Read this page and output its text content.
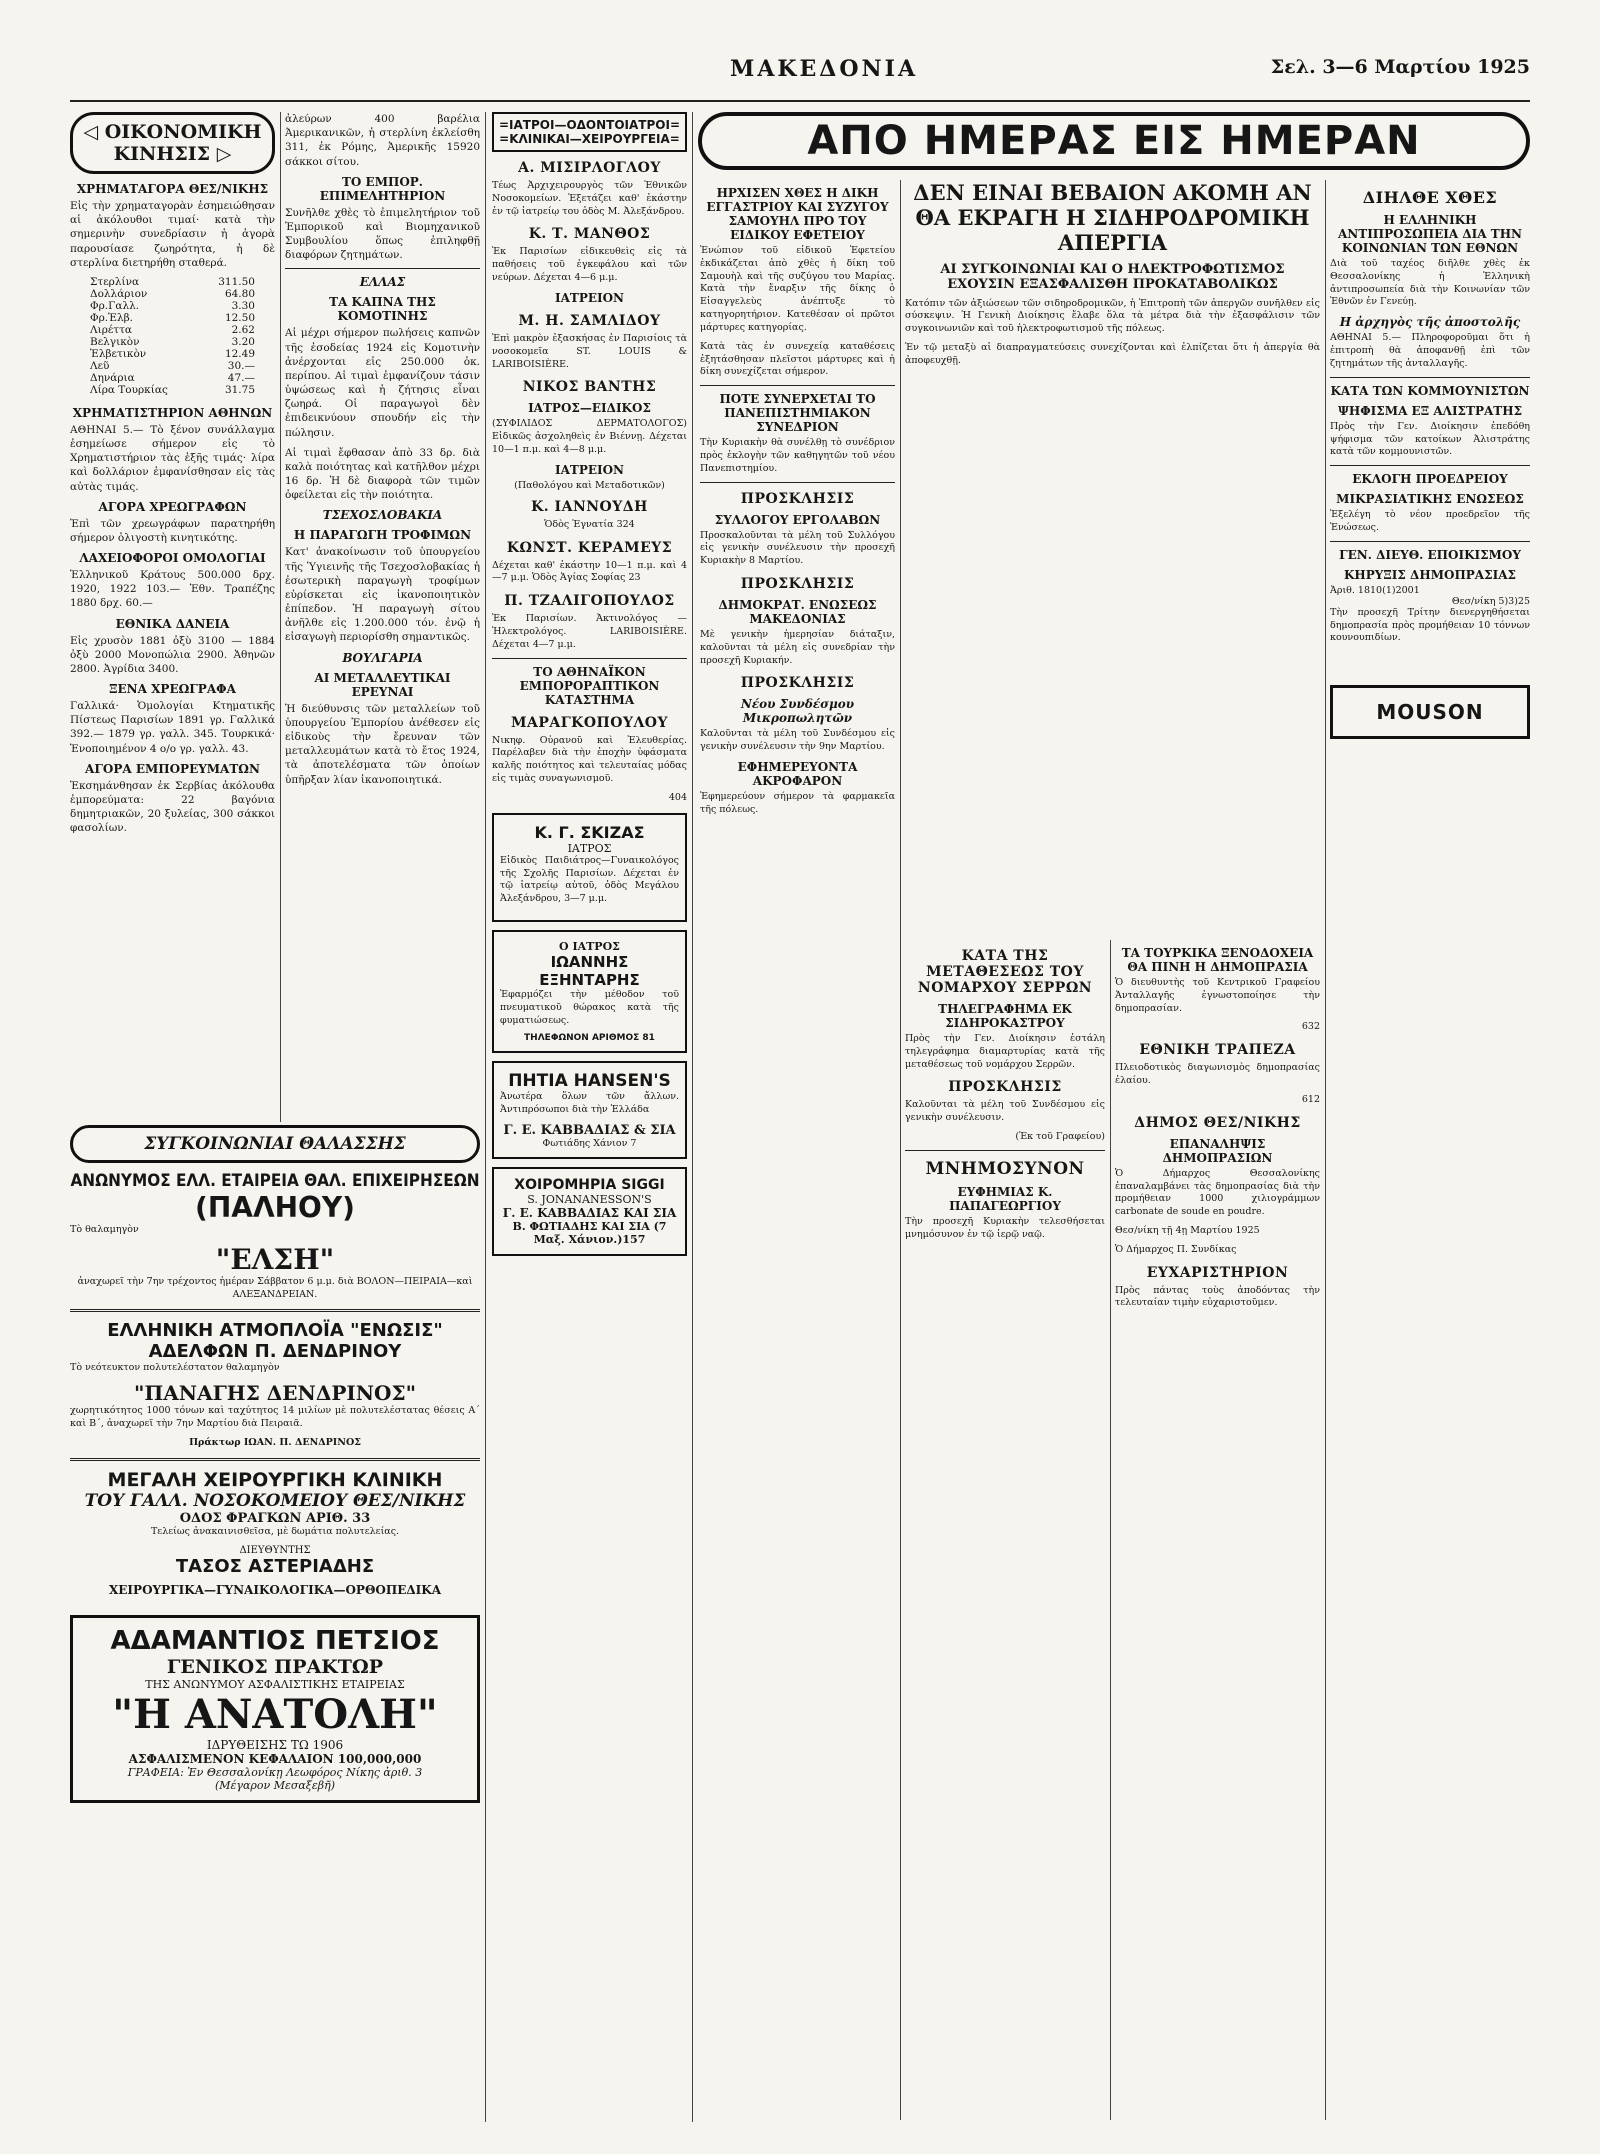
ΜΑΚΕΔΟΝΙΑ	Σελ. 3—6 Μαρτίου 1925
◁ ΟΙΚΟΝΟΜΙΚΗ ΚΙΝΗΣΙΣ ▷
ΧΡΗΜΑΤΑΓΟΡΑ ΘΕΣ/ΝΙΚΗΣ

Εἰς τὴν χρηματαγορὰν ἐσημειώθησαν αἱ ἀκόλουθοι τιμαί· κατὰ τὴν σημερινὴν συνεδρίασιν ἡ ἀγορὰ παρουσίασε ζωηρότητα, ἡ δὲ στερλίνα διετηρήθη σταθερά.

Στερλίνα	311.50
Δολλάριον	64.80
Φρ.Γαλλ.	3.30
Φρ.Ἑλβ.	12.50
Λιρέττα	2.62
Βελγικὸν	3.20
Ἑλβετικὸν	12.49
Λεῦ	30.—
Δηνάρια	47.—
Λίρα Τουρκίας	31.75
ΧΡΗΜΑΤΙΣΤΗΡΙΟΝ ΑΘΗΝΩΝ

ΑΘΗΝΑΙ 5.— Τὸ ξένον συνάλλαγμα ἐσημείωσε σήμερον εἰς τὸ Χρηματιστήριον τὰς ἑξῆς τιμάς· λίρα καὶ δολλάριον ἐμφανίσθησαν εἰς τὰς αὐτὰς τιμάς.

ΑΓΟΡΑ ΧΡΕΩΓΡΑΦΩΝ

Ἐπὶ τῶν χρεωγράφων παρατηρήθη σήμερον ὁλιγοστὴ κινητικότης.

ΛΑΧΕΙΟΦΟΡΟΙ ΟΜΟΛΟΓΙΑΙ

Ἑλληνικοῦ Κράτους 500.000 δρχ. 1920, 1922 103.— Ἐθν. Τραπέζης 1880 δρχ. 60.—

ΕΘΝΙΚΑ ΔΑΝΕΙΑ

Εἰς χρυσὸν 1881 ὀξὺ 3100 — 1884 ὀξὺ 2000 Μονοπώλια 2900. Ἀθηνῶν 2800. Ἀγρίδια 3400.

ΞΕΝΑ ΧΡΕΩΓΡΑΦΑ

Γαλλικά· Ὁμολογίαι Κτηματικῆς Πίστεως Παρισίων 1891 γρ. Γαλλικά 392.— 1879 γρ. γαλλ. 345. Τουρκικά· Ἑνοποιημένον 4 ο/ο γρ. γαλλ. 43.

ΑΓΟΡΑ ΕΜΠΟΡΕΥΜΑΤΩΝ

Ἐκσημάνθησαν ἐκ Σερβίας ἀκόλουθα ἐμπορεύματα: 22 βαγόνια δημητριακῶν, 20 ξυλείας, 300 σάκκοι φασολίων.

ἀλεύρων 400 βαρέλια Ἀμερικανικῶν, ἡ στερλίνη ἐκλείσθη 311, ἐκ Ρόμης, Ἀμερικῆς 15920 σάκκοι σίτου.

ΤΟ ΕΜΠΟΡ. ΕΠΙΜΕΛΗΤΗΡΙΟΝ

Συνῆλθε χθὲς τὸ ἐπιμελητήριον τοῦ Ἐμπορικοῦ καὶ Βιομηχανικοῦ Συμβουλίου ὅπως ἐπιληφθῇ διαφόρων ζητημάτων.

ΕΛΛΑΣ
ΤΑ ΚΑΠΝΑ ΤΗΣ ΚΟΜΟΤΙΝΗΣ

Αἱ μέχρι σήμερον πωλήσεις καπνῶν τῆς ἐσοδείας 1924 εἰς Κομοτινὴν ἀνέρχονται εἰς 250.000 ὀκ. περίπου. Αἱ τιμαὶ ἐμφανίζουν τάσιν ὑψώσεως καὶ ἡ ζήτησις εἶναι ζωηρά. Οἱ παραγωγοὶ δὲν ἐπιδεικνύουν σπουδήν εἰς τὴν πώλησιν.

Αἱ τιμαὶ ἔφθασαν ἀπὸ 33 δρ. διὰ καλὰ ποιότητας καὶ κατῆλθον μέχρι 16 δρ. Ἡ δὲ διαφορὰ τῶν τιμῶν ὀφείλεται εἰς τὴν ποιότητα.

ΤΣΕΧΟΣΛΟΒΑΚΙΑ
Η ΠΑΡΑΓΩΓΗ ΤΡΟΦΙΜΩΝ

Κατ' ἀνακοίνωσιν τοῦ ὑπουργείου τῆς Ὑγιεινῆς τῆς Τσεχοσλοβακίας ἡ ἐσωτερικὴ παραγωγὴ τροφίμων εὑρίσκεται εἰς ἱκανοποιητικὸν ἐπίπεδον. Ἡ παραγωγὴ σίτου ἀνῆλθε εἰς 1.200.000 τόν. ἐνῷ ἡ εἰσαγωγὴ περιορίσθη σημαντικῶς.

ΒΟΥΛΓΑΡΙΑ
ΑΙ ΜΕΤΑΛΛΕΥΤΙΚΑΙ ΕΡΕΥΝΑΙ

Ἡ διεύθυνσις τῶν μεταλλείων τοῦ ὑπουργείου Ἐμπορίου ἀνέθεσεν εἰς εἰδικοὺς τὴν ἔρευναν τῶν μεταλλευμάτων κατὰ τὸ ἔτος 1924, τὰ ἀποτελέσματα τῶν ὁποίων ὑπῆρξαν λίαν ἱκανοποιητικά.

ΣΥΓΚΟΙΝΩΝΙΑΙ ΘΑΛΑΣΣΗΣ
ΑΝΩΝΥΜΟΣ ΕΛΛ. ΕΤΑΙΡΕΙΑ ΘΑΛ. ΕΠΙΧΕΙΡΗΣΕΩΝ
(ΠΑΛΗΟΥ)

Τὸ θαλαμηγὸν

"ΕΛΣΗ"

ἀναχωρεῖ τὴν 7ην τρέχοντος ἡμέραν Σάββατον 6 μ.μ. διὰ ΒΟΛΟΝ—ΠΕΙΡΑΙΑ—καὶ ΑΛΕΞΑΝΔΡΕΙΑΝ.

ΕΛΛΗΝΙΚΗ ΑΤΜΟΠΛΟΪΑ "ΕΝΩΣΙΣ"
ΑΔΕΛΦΩΝ Π. ΔΕΝΔΡΙΝΟΥ

Τὸ νεότευκτον πολυτελέστατον θαλαμηγὸν

"ΠΑΝΑΓΗΣ ΔΕΝΔΡΙΝΟΣ"

χωρητικότητος 1000 τόνων καὶ ταχύτητος 14 μιλίων μὲ πολυτελέστατας θέσεις Α΄ καὶ Β΄, ἀναχωρεῖ τὴν 7ην Μαρτίου διὰ Πειραιᾶ.

Πράκτωρ ΙΩΑΝ. Π. ΔΕΝΔΡΙΝΟΣ

ΜΕΓΑΛΗ ΧΕΙΡΟΥΡΓΙΚΗ ΚΛΙΝΙΚΗ
ΤΟΥ ΓΑΛΛ. ΝΟΣΟΚΟΜΕΙΟΥ ΘΕΣ/ΝΙΚΗΣ
ΟΔΟΣ ΦΡΑΓΚΩΝ ΑΡΙΘ. 33

Τελείως ἀνακαινισθεῖσα, μὲ δωμάτια πολυτελείας.

ΔΙΕΥΘΥΝΤΗΣ
ΤΑΣΟΣ ΑΣΤΕΡΙΑΔΗΣ
ΧΕΙΡΟΥΡΓΙΚΑ—ΓΥΝΑΙΚΟΛΟΓΙΚΑ—ΟΡΘΟΠΕΔΙΚΑ
ΑΔΑΜΑΝΤΙΟΣ ΠΕΤΣΙΟΣ
ΓΕΝΙΚΟΣ ΠΡΑΚΤΩΡ
ΤΗΣ ΑΝΩΝΥΜΟΥ ΑΣΦΑΛΙΣΤΙΚΗΣ ΕΤΑΙΡΕΙΑΣ
"Η ΑΝΑΤΟΛΗ"
ΙΔΡΥΘΕΙΣΗΣ ΤΩ 1906
ΑΣΦΑΛΙΣΜΕΝΟΝ ΚΕΦΑΛΑΙΟΝ 100,000,000
ΓΡΑΦΕΙΑ: Ἐν Θεσσαλονίκῃ Λεωφόρος Νίκης ἀριθ. 3
(Μέγαρον Μεσαξεβῆ)
=ΙΑΤΡΟΙ—ΟΔΟΝΤΟΙΑΤΡΟΙ= =ΚΛΙΝΙΚΑΙ—ΧΕΙΡΟΥΡΓΕΙΑ=
Α. ΜΙΣΙΡΛΟΓΛΟΥ

Τέως Ἀρχιχειρουργὸς τῶν Ἐθνικῶν Νοσοκομείων. Ἐξετάζει καθ' ἑκάστην ἐν τῷ ἰατρείῳ του ὁδὸς Μ. Ἀλεξάνδρου.

Κ. Τ. ΜΑΝΘΟΣ

Ἐκ Παρισίων εἰδικευθεὶς εἰς τὰ παθήσεις τοῦ ἐγκεφάλου καὶ τῶν νεύρων. Δέχεται 4—6 μ.μ.

ΙΑΤΡΕΙΟΝ
Μ. Η. ΣΑΜΛΙΔΟΥ

Ἐπὶ μακρὸν ἐξασκήσας ἐν Παρισίοις τὰ νοσοκομεῖα ST. LOUIS & LARIBOISIÈRE.

ΝΙΚΟΣ ΒΑΝΤΗΣ
ΙΑΤΡΟΣ—ΕΙΔΙΚΟΣ

(ΣΥΦΙΛΙΔΟΣ ΔΕΡΜΑΤΟΛΟΓΟΣ) Εἰδικῶς ἀσχοληθεὶς ἐν Βιέννῃ. Δέχεται 10—1 π.μ. καὶ 4—8 μ.μ.

ΙΑΤΡΕΙΟΝ
(Παθολόγου καὶ Μεταδοτικῶν)
Κ. ΙΑΝΝΟΥΔΗ

Ὁδὸς Ἐγνατία 324

ΚΩΝΣΤ. ΚΕΡΑΜΕΥΣ

Δέχεται καθ' ἑκάστην 10—1 π.μ. καὶ 4—7 μ.μ. Ὁδὸς Ἁγίας Σοφίας 23

Π. ΤΖΑΛΙΓΟΠΟΥΛΟΣ

Ἐκ Παρισίων. Ἀκτινολόγος — Ἠλεκτρολόγος. LARIBOISIÈRE. Δέχεται 4—7 μ.μ.

ΤΟ ΑΘΗΝΑΪΚΟΝ ΕΜΠΟΡΟΡΑΠΤΙΚΟΝ ΚΑΤΑΣΤΗΜΑ
ΜΑΡΑΓΚΟΠΟΥΛΟΥ

Νικηφ. Οὐρανοῦ καὶ Ἐλευθερίας. Παρέλαβεν διὰ τὴν ἐποχὴν ὑφάσματα καλῆς ποιότητος καὶ τελευταίας μόδας εἰς τιμὰς συναγωνισμοῦ.

404

Κ. Γ. ΣΚΙΖΑΣ
ΙΑΤΡΟΣ

Εἰδικὸς Παιδιάτρος—Γυναικολόγος τῆς Σχολῆς Παρισίων. Δέχεται ἐν τῷ ἰατρείῳ αὐτοῦ, ὁδὸς Μεγάλου Ἀλεξάνδρου, 3—7 μ.μ.

Ο ΙΑΤΡΟΣ
ΙΩΑΝΝΗΣ ΕΞΗΝΤΑΡΗΣ

Ἐφαρμόζει τὴν μέθοδον τοῦ πνευματικοῦ θώρακος κατὰ τῆς φυματιώσεως.

ΤΗΛΕΦΩΝΟΝ ΑΡΙΘΜΟΣ 81
ΠΗΤΙΑ HANSEN'S

Ἀνωτέρα ὅλων τῶν ἄλλων. Ἀντιπρόσωποι διὰ τὴν Ἑλλάδα

Γ. Ε. ΚΑΒΒΑΔΙΑΣ & ΣΙΑ
Φωτιάδης Χάνιον 7
ΧΟΙΡΟΜΗΡΙΑ SIGGI
S. JONANANESSON'S
Γ. Ε. ΚΑΒΒΑΔΙΑΣ ΚΑΙ ΣΙΑ
Β. ΦΩΤΙΑΔΗΣ ΚΑΙ ΣΙΑ (7 Μαξ. Χάνιον.)157
ΑΠΟ ΗΜΕΡΑΣ ΕΙΣ ΗΜΕΡΑΝ
ΗΡΧΙΣΕΝ ΧΘΕΣ Η ΔΙΚΗ ΕΓΓΑΣΤΡΙΟΥ ΚΑΙ ΣΥΖΥΓΟΥ ΣΑΜΟΥΗΛ ΠΡΟ ΤΟΥ ΕΙΔΙΚΟΥ ΕΦΕΤΕΙΟΥ

Ἐνώπιον τοῦ εἰδικοῦ Ἐφετείου ἐκδικάζεται ἀπὸ χθὲς ἡ δίκη τοῦ Σαμουὴλ καὶ τῆς συζύγου του Μαρίας. Κατὰ τὴν ἔναρξιν τῆς δίκης ὁ Εἰσαγγελεὺς ἀνέπτυξε τὸ κατηγορητήριον. Κατεθέσαν οἱ πρῶτοι μάρτυρες κατηγορίας.

Κατὰ τὰς ἐν συνεχείᾳ καταθέσεις ἐξητάσθησαν πλεῖστοι μάρτυρες καὶ ἡ δίκη συνεχίζεται σήμερον.

ΠΟΤΕ ΣΥΝΕΡΧΕΤΑΙ ΤΟ ΠΑΝΕΠΙΣΤΗΜΙΑΚΟΝ ΣΥΝΕΔΡΙΟΝ

Τὴν Κυριακὴν θὰ συνέλθῃ τὸ συνέδριον πρὸς ἐκλογὴν τῶν καθηγητῶν τοῦ νέου Πανεπιστημίου.

ΠΡΟΣΚΛΗΣΙΣ
ΣΥΛΛΟΓΟΥ ΕΡΓΟΛΑΒΩΝ

Προσκαλοῦνται τὰ μέλη τοῦ Συλλόγου εἰς γενικὴν συνέλευσιν τὴν προσεχῆ Κυριακὴν 8 Μαρτίου.

ΠΡΟΣΚΛΗΣΙΣ
ΔΗΜΟΚΡΑΤ. ΕΝΩΣΕΩΣ ΜΑΚΕΔΟΝΙΑΣ

Μὲ γενικὴν ἡμερησίαν διάταξιν, καλοῦνται τὰ μέλη εἰς συνεδρίαν τὴν προσεχῆ Κυριακήν.

ΠΡΟΣΚΛΗΣΙΣ
Νέου Συνδέσμου Μικροπωλητῶν

Καλοῦνται τὰ μέλη τοῦ Συνδέσμου εἰς γενικὴν συνέλευσιν τὴν 9ην Μαρτίου.

ΕΦΗΜΕΡΕΥΟΝΤΑ ΑΚΡΟΦΑΡΟΝ

Ἐφημερεύουν σήμερον τὰ φαρμακεῖα τῆς πόλεως.

ΔΕΝ ΕΙΝΑΙ ΒΕΒΑΙΟΝ ΑΚΟΜΗ ΑΝ ΘΑ ΕΚΡΑΓΗ Η ΣΙΔΗΡΟΔΡΟΜΙΚΗ ΑΠΕΡΓΙΑ
ΑΙ ΣΥΓΚΟΙΝΩΝΙΑΙ ΚΑΙ Ο ΗΛΕΚΤΡΟΦΩΤΙΣΜΟΣ ΕΧΟΥΣΙΝ ΕΞΑΣΦΑΛΙΣΘΗ ΠΡΟΚΑΤΑΒΟΛΙΚΩΣ

Κατόπιν τῶν ἀξιώσεων τῶν σιδηροδρομικῶν, ἡ Ἐπιτροπὴ τῶν ἀπεργῶν συνῆλθεν εἰς σύσκεψιν. Ἡ Γενικὴ Διοίκησις ἔλαβε ὅλα τὰ μέτρα διὰ τὴν ἐξασφάλισιν τῶν συγκοινωνιῶν καὶ τοῦ ἠλεκτροφωτισμοῦ τῆς πόλεως.

Ἐν τῷ μεταξὺ αἱ διαπραγματεύσεις συνεχίζονται καὶ ἐλπίζεται ὅτι ἡ ἀπεργία θὰ ἀποφευχθῇ.

ΚΑΤΑ ΤΗΣ ΜΕΤΑΘΕΣΕΩΣ ΤΟΥ ΝΟΜΑΡΧΟΥ ΣΕΡΡΩΝ
ΤΗΛΕΓΡΑΦΗΜΑ ΕΚ ΣΙΔΗΡΟΚΑΣΤΡΟΥ

Πρὸς τὴν Γεν. Διοίκησιν ἐστάλη τηλεγράφημα διαμαρτυρίας κατὰ τῆς μεταθέσεως τοῦ νομάρχου Σερρῶν.

ΠΡΟΣΚΛΗΣΙΣ

Καλοῦνται τὰ μέλη τοῦ Συνδέσμου εἰς γενικὴν συνέλευσιν.

(Ἐκ τοῦ Γραφείου)

ΜΝΗΜΟΣΥΝΟΝ
ΕΥΦΗΜΙΑΣ Κ. ΠΑΠΑΓΕΩΡΓΙΟΥ

Τὴν προσεχῆ Κυριακὴν τελεσθήσεται μνημόσυνον ἐν τῷ ἱερῷ ναῷ.

ΤΑ ΤΟΥΡΚΙΚΑ ΞΕΝΟΔΟΧΕΙΑ ΘΑ ΠΙΝΗ Η ΔΗΜΟΠΡΑΣΙΑ

Ὁ διευθυντὴς τοῦ Κεντρικοῦ Γραφείου Ἀνταλλαγῆς ἐγνωστοποίησε τὴν δημοπρασίαν.

632

ΕΘΝΙΚΗ ΤΡΑΠΕΖΑ

Πλειοδοτικὸς διαγωνισμὸς δημοπρασίας ἐλαίου.

612

ΔΗΜΟΣ ΘΕΣ/ΝΙΚΗΣ
ΕΠΑΝΑΛΗΨΙΣ ΔΗΜΟΠΡΑΣΙΩΝ

Ὁ Δήμαρχος Θεσσαλονίκης ἐπαναλαμβάνει τὰς δημοπρασίας διὰ τὴν προμήθειαν 1000 χιλιογράμμων carbonate de soude en poudre.

Θεσ/νίκη τῇ 4ῃ Μαρτίου 1925

Ὁ Δήμαρχος Π. Συνδίκας

ΕΥΧΑΡΙΣΤΗΡΙΟΝ

Πρὸς πάντας τοὺς ἀποδόντας τὴν τελευταίαν τιμὴν εὐχαριστοῦμεν.

ΔΙΗΛΘΕ ΧΘΕΣ
Η ΕΛΛΗΝΙΚΗ ΑΝΤΙΠΡΟΣΩΠΕΙΑ ΔΙΑ ΤΗΝ ΚΟΙΝΩΝΙΑΝ ΤΩΝ ΕΘΝΩΝ

Διὰ τοῦ ταχέος διῆλθε χθὲς ἐκ Θεσσαλονίκης ἡ Ἑλληνικὴ ἀντιπροσωπεία διὰ τὴν Κοινωνίαν τῶν Ἐθνῶν ἐν Γενεύῃ.

Η ἀρχηγὸς τῆς ἀποστολῆς

ΑΘΗΝΑΙ 5.— Πληροφοροῦμαι ὅτι ἡ ἐπιτροπὴ θὰ ἀποφανθῇ ἐπὶ τῶν ζητημάτων τῆς ἀνταλλαγῆς.

ΚΑΤΑ ΤΩΝ ΚΟΜΜΟΥΝΙΣΤΩΝ
ΨΗΦΙΣΜΑ ΕΞ ΑΛΙΣΤΡΑΤΗΣ

Πρὸς τὴν Γεν. Διοίκησιν ἐπεδόθη ψήφισμα τῶν κατοίκων Ἀλιστράτης κατὰ τῶν κομμουνιστῶν.

ΕΚΛΟΓΗ ΠΡΟΕΔΡΕΙΟΥ
ΜΙΚΡΑΣΙΑΤΙΚΗΣ ΕΝΩΣΕΩΣ

Ἐξελέγη τὸ νέον προεδρεῖον τῆς Ἑνώσεως.

ΓΕΝ. ΔΙΕΥΘ. ΕΠΟΙΚΙΣΜΟΥ
ΚΗΡΥΞΙΣ ΔΗΜΟΠΡΑΣΙΑΣ
Ἀριθ. 1810(1)2001
Θεσ/νίκη 5)3)25

Τὴν προσεχῆ Τρίτην διενεργηθήσεται δημοπρασία πρὸς προμήθειαν 10 τόννων κουνουπιδίων.

MOUSON
